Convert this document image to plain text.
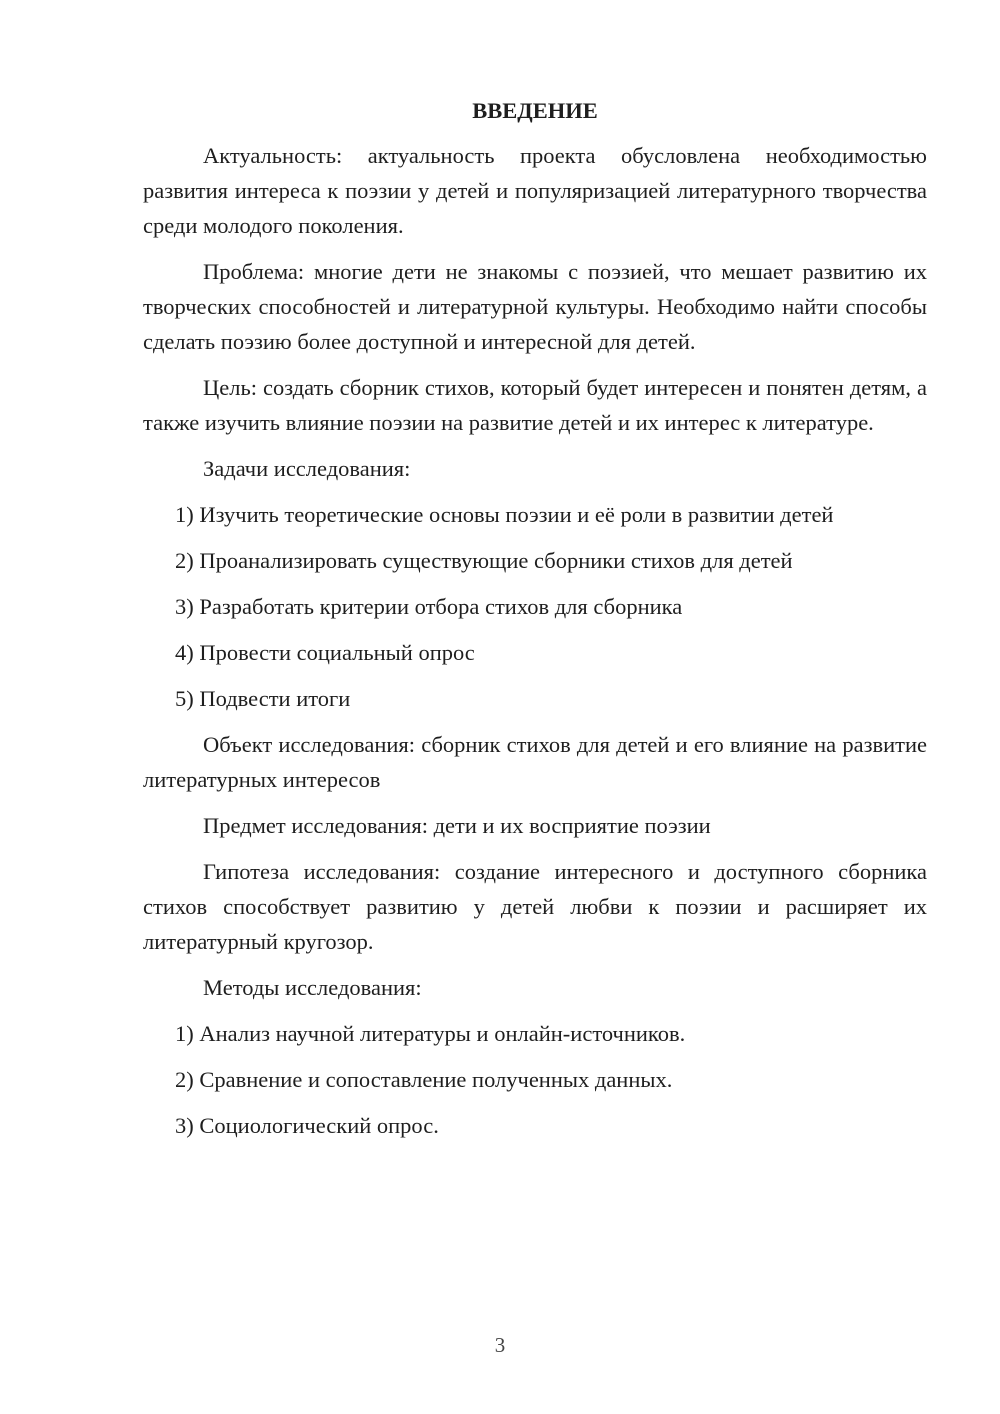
ВВЕДЕНИЕ

Актуальность: актуальность проекта обусловлена необходимостью развития интереса к поэзии у детей и популяризацией литературного творчества среди молодого поколения.

Проблема: многие дети не знакомы с поэзией, что мешает развитию их творческих способностей и литературной культуры. Необходимо найти способы сделать поэзию более доступной и интересной для детей.

Цель: создать сборник стихов, который будет интересен и понятен детям, а также изучить влияние поэзии на развитие детей и их интерес к литературе.

Задачи исследования:

1) Изучить теоретические основы поэзии и её роли в развитии детей
2) Проанализировать существующие сборники стихов для детей
3) Разработать критерии отбора стихов для сборника
4) Провести социальный опрос
5) Подвести итоги

Объект исследования: сборник стихов для детей и его влияние на развитие литературных интересов

Предмет исследования: дети и их восприятие поэзии

Гипотеза исследования: создание интересного и доступного сборника стихов способствует развитию у детей любви к поэзии и расширяет их литературный кругозор.

Методы исследования:

1) Анализ научной литературы и онлайн-источников.
2) Сравнение и сопоставление полученных данных.
3) Социологический опрос.
3
